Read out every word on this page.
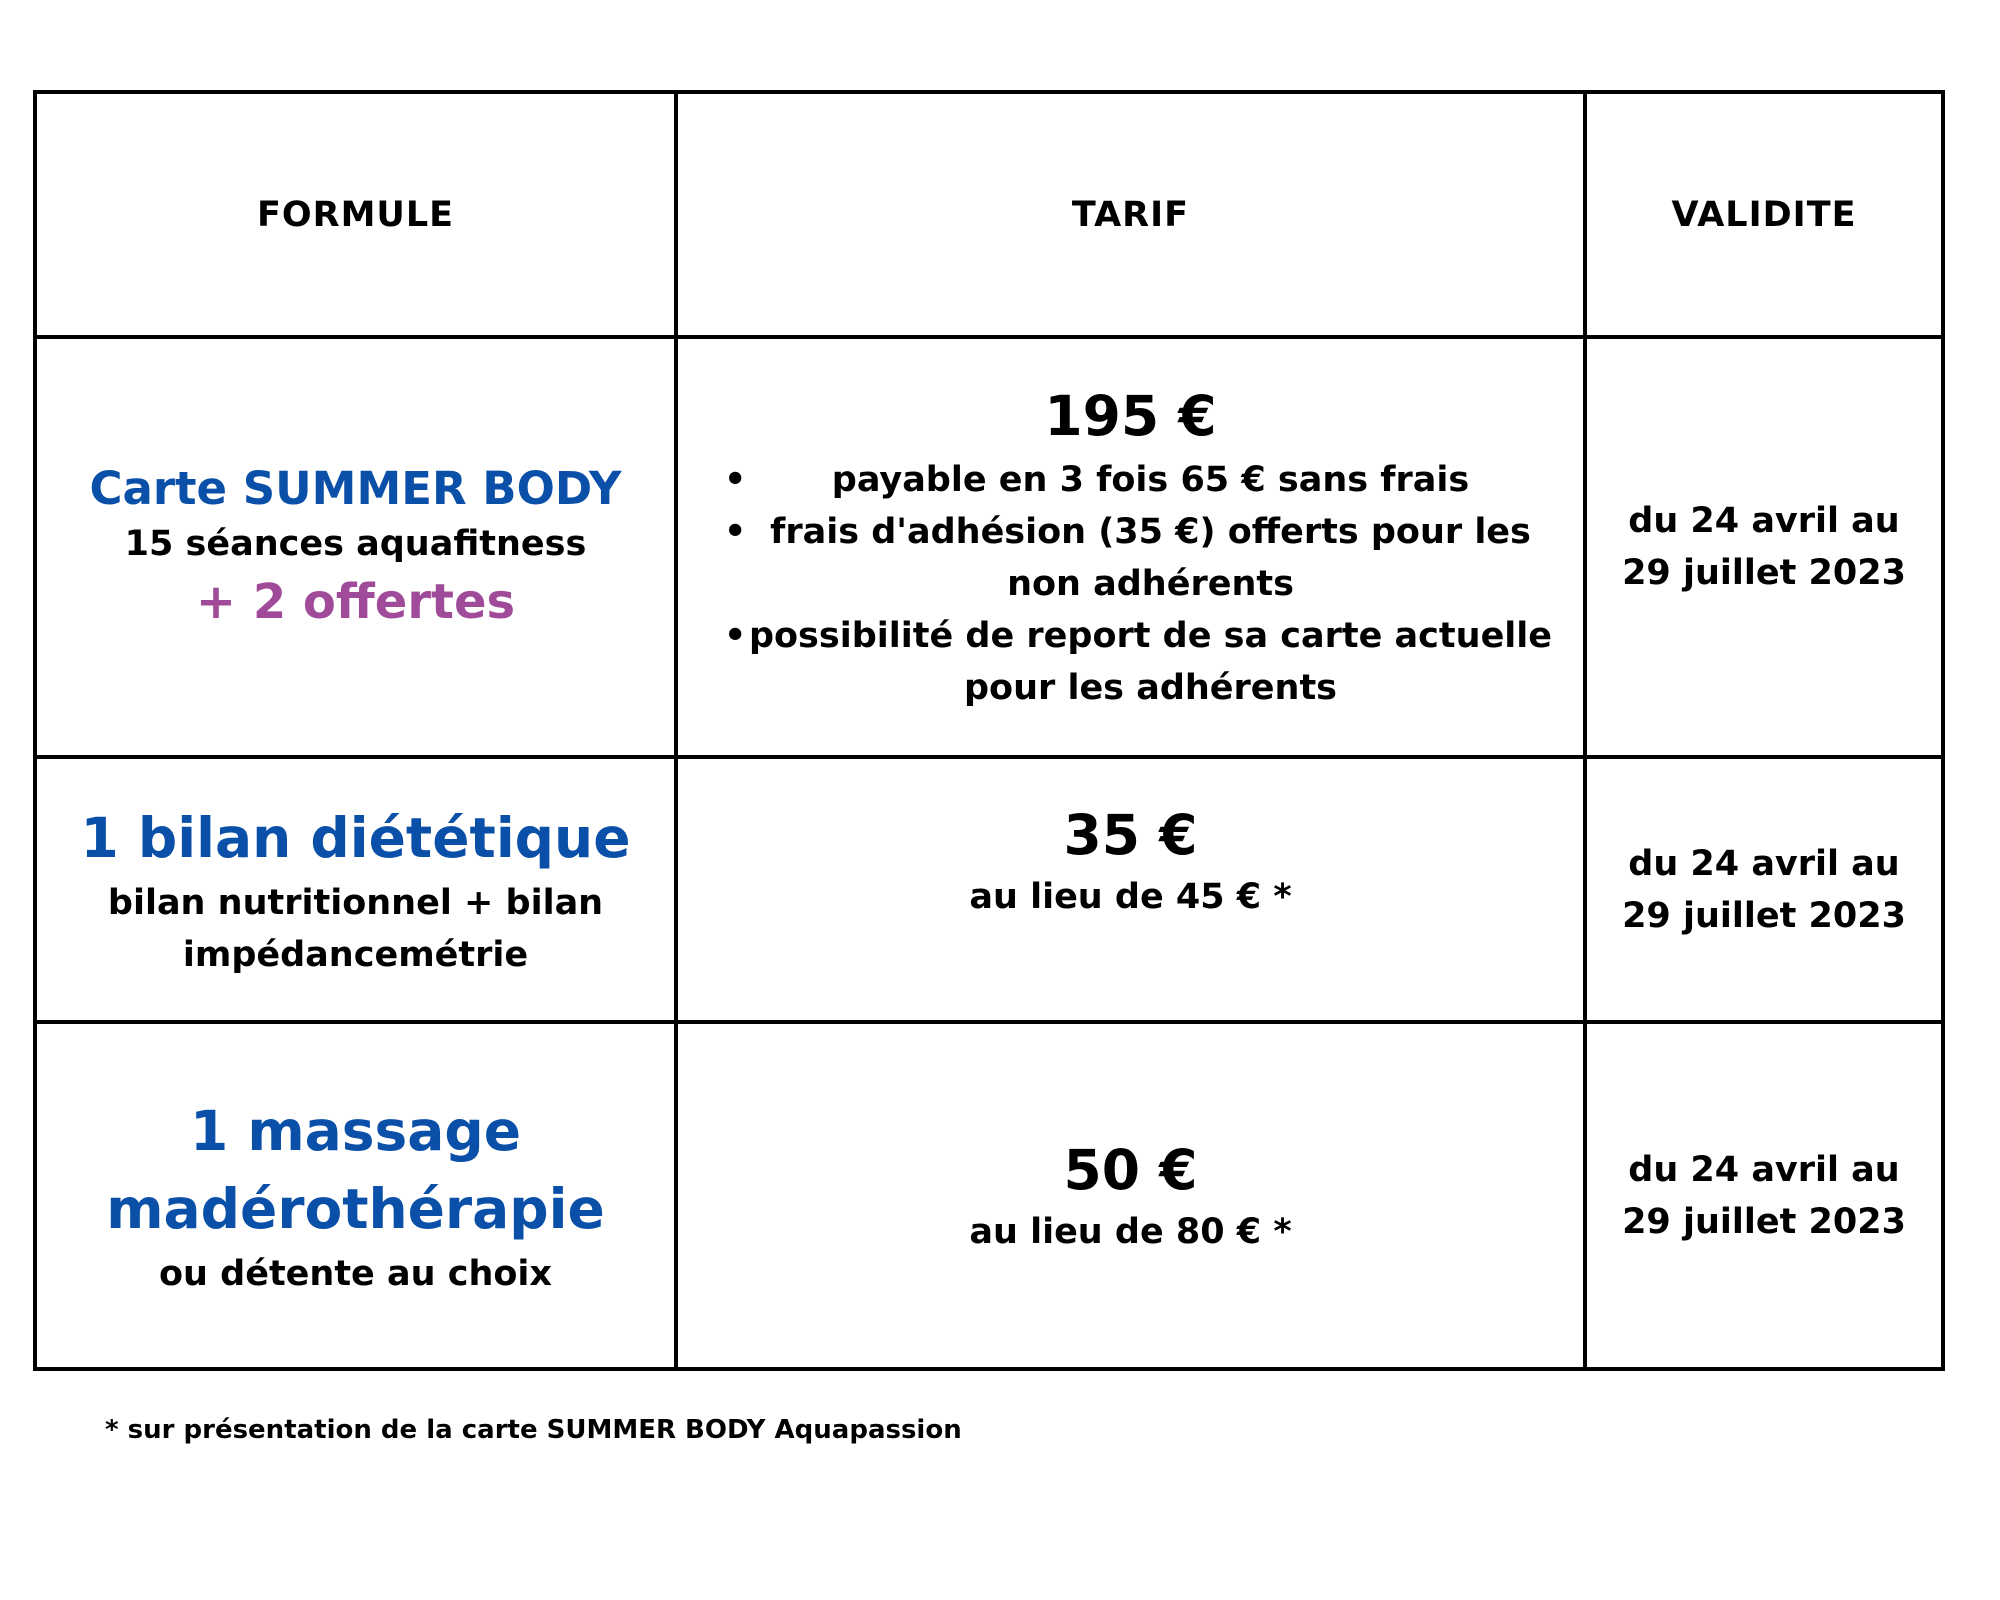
FORMULE	TARIF	VALIDITE
Carte SUMMER BODY
15 séances aquafitness
+ 2 offertes
195 €
• payable en 3 fois 65 € sans frais
• frais d'adhésion (35 €) offerts pour les non adhérents
• possibilité de report de sa carte actuelle pour les adhérents
du 24 avril au
29 juillet 2023
1 bilan diététique
bilan nutritionnel + bilan impédancemétrie
35 €
au lieu de 45 € *
du 24 avril au
29 juillet 2023
1 massage
madérothérapie
ou détente au choix
50 €
au lieu de 80 € *
du 24 avril au
29 juillet 2023
* sur présentation de la carte SUMMER BODY Aquapassion
